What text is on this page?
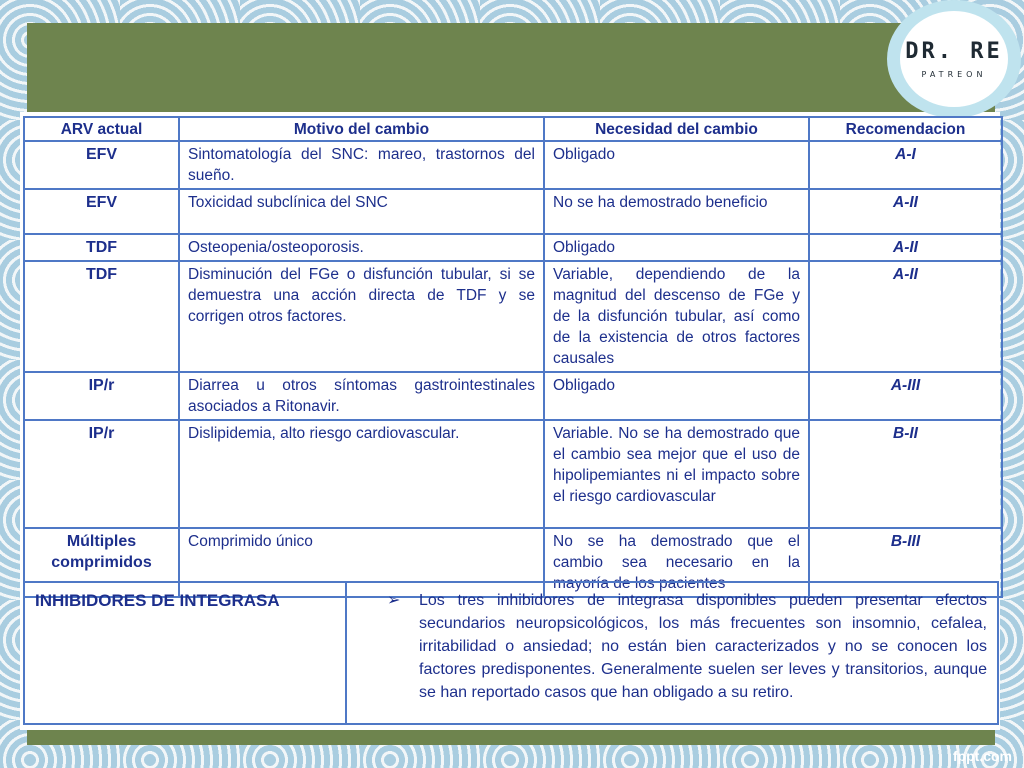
DR. RE
PATREON
ARV actual	Motivo del cambio	Necesidad del cambio	Recomendacion
EFV	Sintomatología del SNC: mareo, trastornos del sueño.	Obligado	A-I
EFV	Toxicidad subclínica del SNC	No se ha demostrado beneficio	A-II
TDF	Osteopenia/osteoporosis.	Obligado	A-II
TDF	Disminución del FGe o disfunción tubular, si se demuestra una acción directa de TDF y se corrigen otros factores.	Variable, dependiendo de la magnitud del descenso de FGe y de la disfunción tubular, así como de la existencia de otros factores causales	A-II
IP/r	Diarrea u otros síntomas gastrointestinales asociados a Ritonavir.	Obligado	A-III
IP/r	Dislipidemia, alto riesgo cardiovascular.	Variable. No se ha demostrado que el cambio sea mejor que el uso de hipolipemiantes ni el impacto sobre el riesgo cardiovascular	B-II
Múltiples comprimidos	Comprimido único	No se ha demostrado que el cambio sea necesario en la mayoría de los pacientes	B-III
INHIBIDORES DE INTEGRASA	➢	Los tres inhibidores de integrasa disponibles pueden presentar efectos secundarios neuropsicológicos, los más frecuentes son insomnio, cefalea, irritabilidad o ansiedad; no están bien caracterizados y no se conocen los factores predisponentes. Generalmente suelen ser leves y transitorios, aunque se han reportado casos que han obligado a su retiro.
fppt.com
